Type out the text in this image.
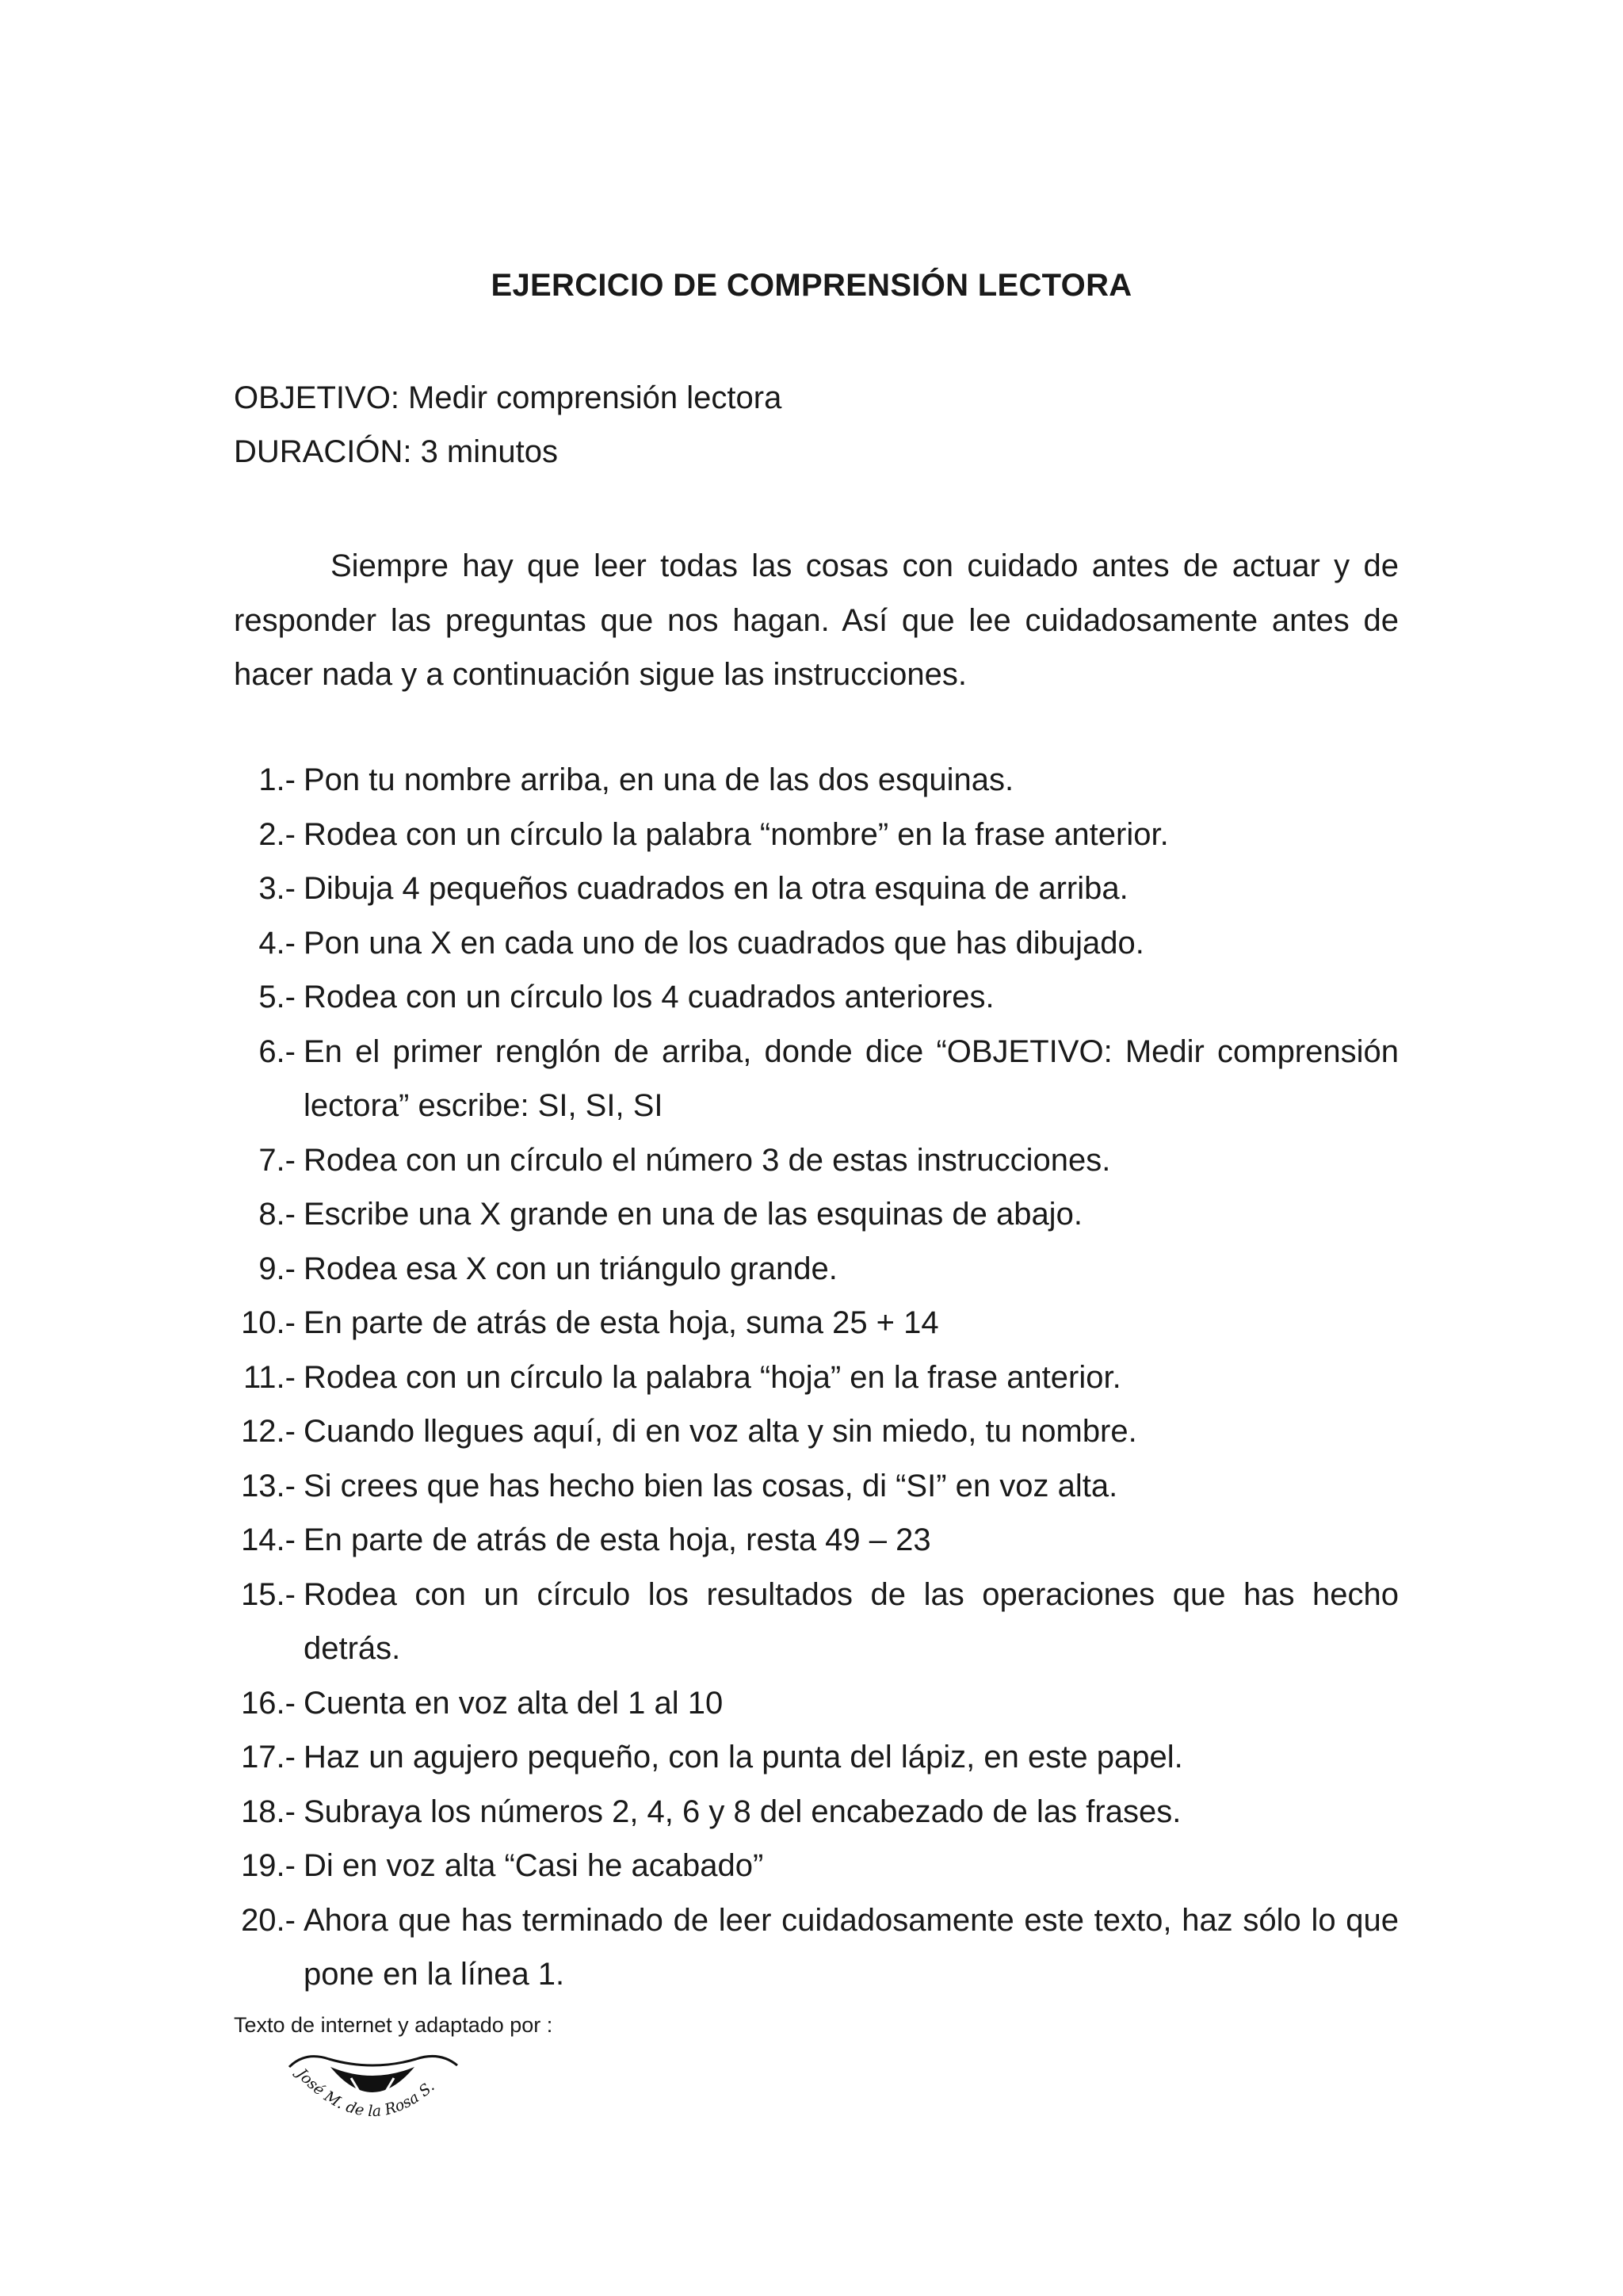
EJERCICIO DE COMPRENSIÓN LECTORA
OBJETIVO: Medir comprensión lectora
DURACIÓN: 3 minutos

Siempre hay que leer todas las cosas con cuidado antes de actuar y de responder las preguntas que nos hagan. Así que lee cuidadosamente antes de hacer nada y a continuación sigue las instrucciones.

1.- Pon tu nombre arriba, en una de las dos esquinas.
2.- Rodea con un círculo la palabra “nombre” en la frase anterior.
3.- Dibuja 4 pequeños cuadrados en la otra esquina de arriba.
4.- Pon una X en cada uno de los cuadrados que has dibujado.
5.- Rodea con un círculo los 4 cuadrados anteriores.
6.- En el primer renglón de arriba, donde dice “OBJETIVO: Medir comprensión lectora” escribe: SI, SI, SI
7.- Rodea con un círculo el número 3 de estas instrucciones.
8.- Escribe una X grande en una de las esquinas de abajo.
9.- Rodea esa X con un triángulo grande.
10.- En parte de atrás de esta hoja, suma 25 + 14
11.- Rodea con un círculo la palabra “hoja” en la frase anterior.
12.- Cuando llegues aquí, di en voz alta y sin miedo, tu nombre.
13.- Si crees que has hecho bien las cosas, di “SI” en voz alta.
14.- En parte de atrás de esta hoja, resta 49 – 23
15.- Rodea con un círculo los resultados de las operaciones que has hecho detrás.
16.- Cuenta en voz alta del 1 al 10
17.- Haz un agujero pequeño, con la punta del lápiz, en este papel.
18.- Subraya los números 2, 4, 6 y 8 del encabezado de las frases.
19.- Di en voz alta “Casi he acabado”
20.- Ahora que has terminado de leer cuidadosamente este texto, haz sólo lo que pone en la línea 1.
Texto de internet y adaptado por :
José M. de la Rosa S.
